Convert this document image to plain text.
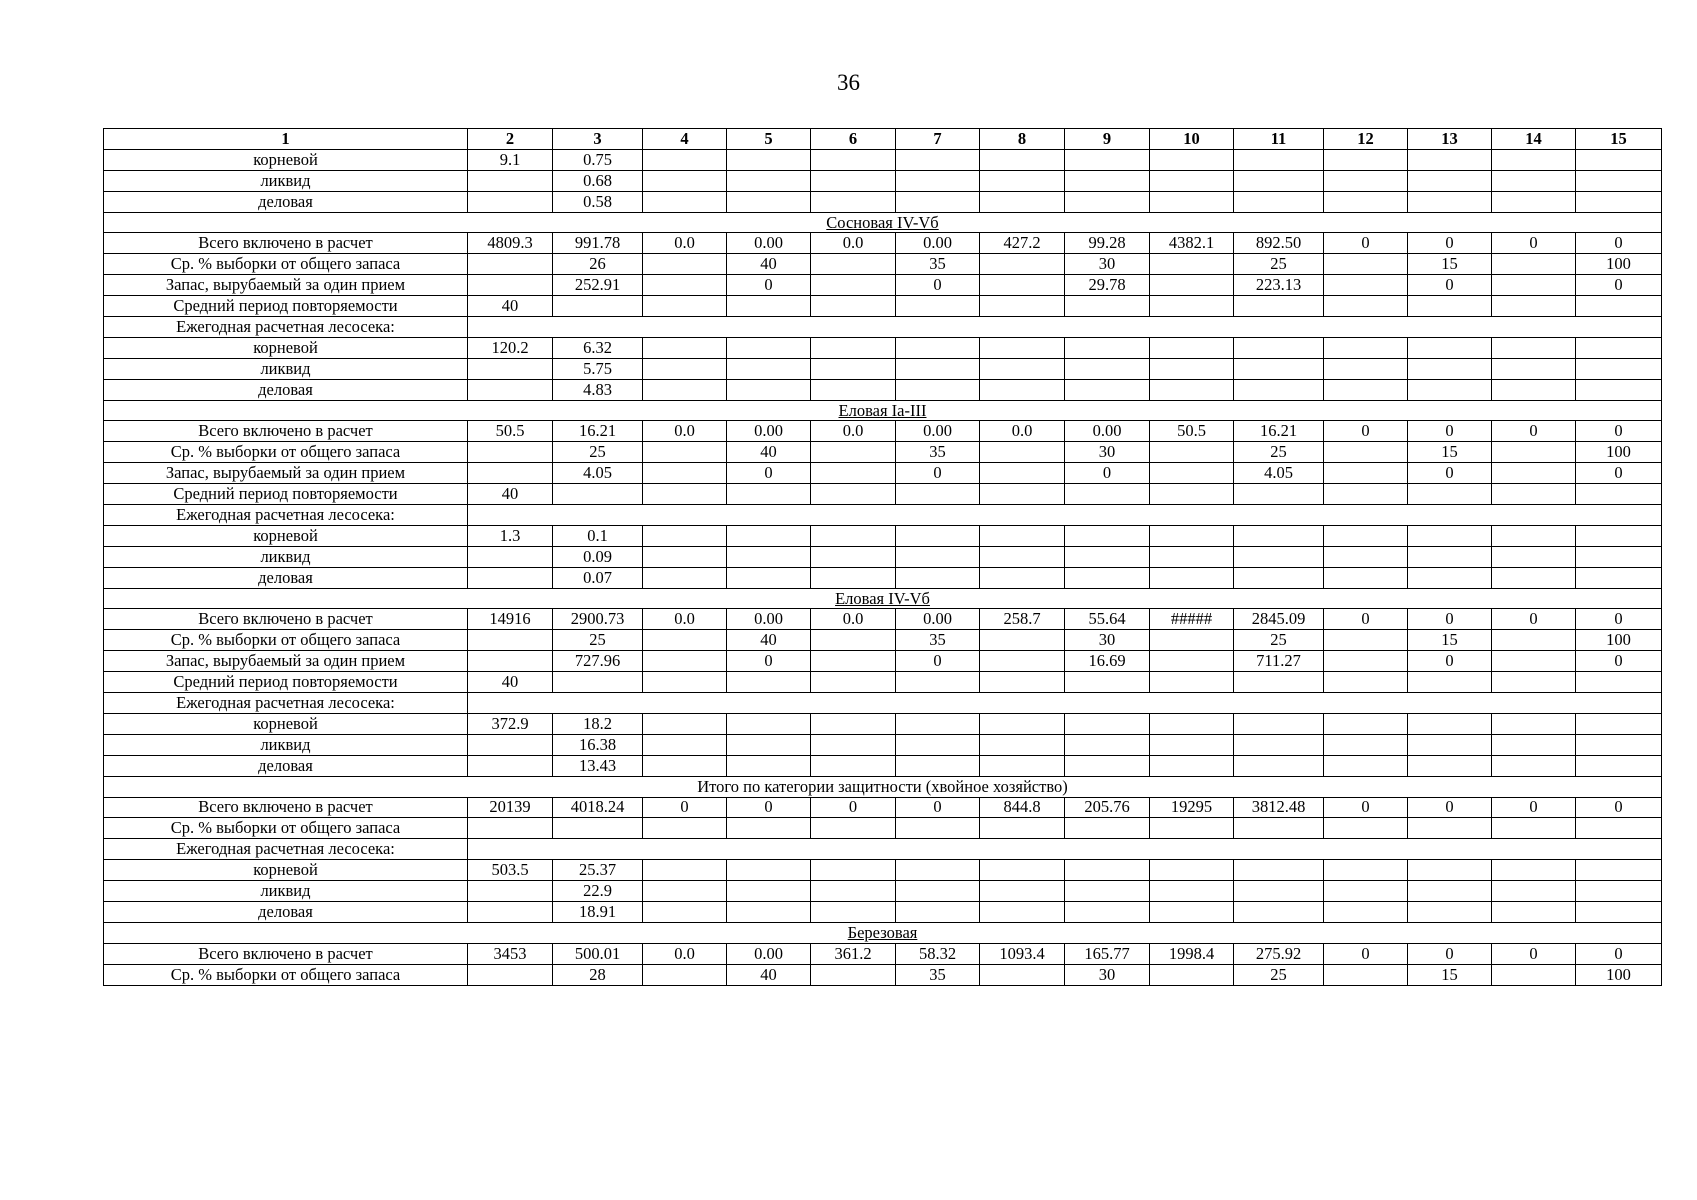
36
1	2	3	4	5	6	7	8	9	10	11	12	13	14	15
корневой	9.1	0.75												
ликвид		0.68												
деловая		0.58												
Сосновая IV-Vб														
Всего включено в расчет	4809.3	991.78	0.0	0.00	0.0	0.00	427.2	99.28	4382.1	892.50	0	0	0	0
Ср. % выборки от общего запаса		26		40		35		30		25		15		100
Запас, вырубаемый за один прием		252.91		0		0		29.78		223.13		0		0
Средний период повторяемости	40													
Ежегодная расчетная лесосека:														
корневой	120.2	6.32												
ликвид		5.75												
деловая		4.83												
Еловая Iа-III														
Всего включено в расчет	50.5	16.21	0.0	0.00	0.0	0.00	0.0	0.00	50.5	16.21	0	0	0	0
Ср. % выборки от общего запаса		25		40		35		30		25		15		100
Запас, вырубаемый за один прием		4.05		0		0		0		4.05		0		0
Средний период повторяемости	40													
Ежегодная расчетная лесосека:														
корневой	1.3	0.1												
ликвид		0.09												
деловая		0.07												
Еловая IV-Vб														
Всего включено в расчет	14916	2900.73	0.0	0.00	0.0	0.00	258.7	55.64	#####	2845.09	0	0	0	0
Ср. % выборки от общего запаса		25		40		35		30		25		15		100
Запас, вырубаемый за один прием		727.96		0		0		16.69		711.27		0		0
Средний период повторяемости	40													
Ежегодная расчетная лесосека:														
корневой	372.9	18.2												
ликвид		16.38												
деловая		13.43												
Итого по категории защитности (хвойное хозяйство)														
Всего включено в расчет	20139	4018.24	0	0	0	0	844.8	205.76	19295	3812.48	0	0	0	0
Ср. % выборки от общего запаса														
Ежегодная расчетная лесосека:														
корневой	503.5	25.37												
ликвид		22.9												
деловая		18.91												
Березовая														
Всего включено в расчет	3453	500.01	0.0	0.00	361.2	58.32	1093.4	165.77	1998.4	275.92	0	0	0	0
Ср. % выборки от общего запаса		28		40		35		30		25		15		100
